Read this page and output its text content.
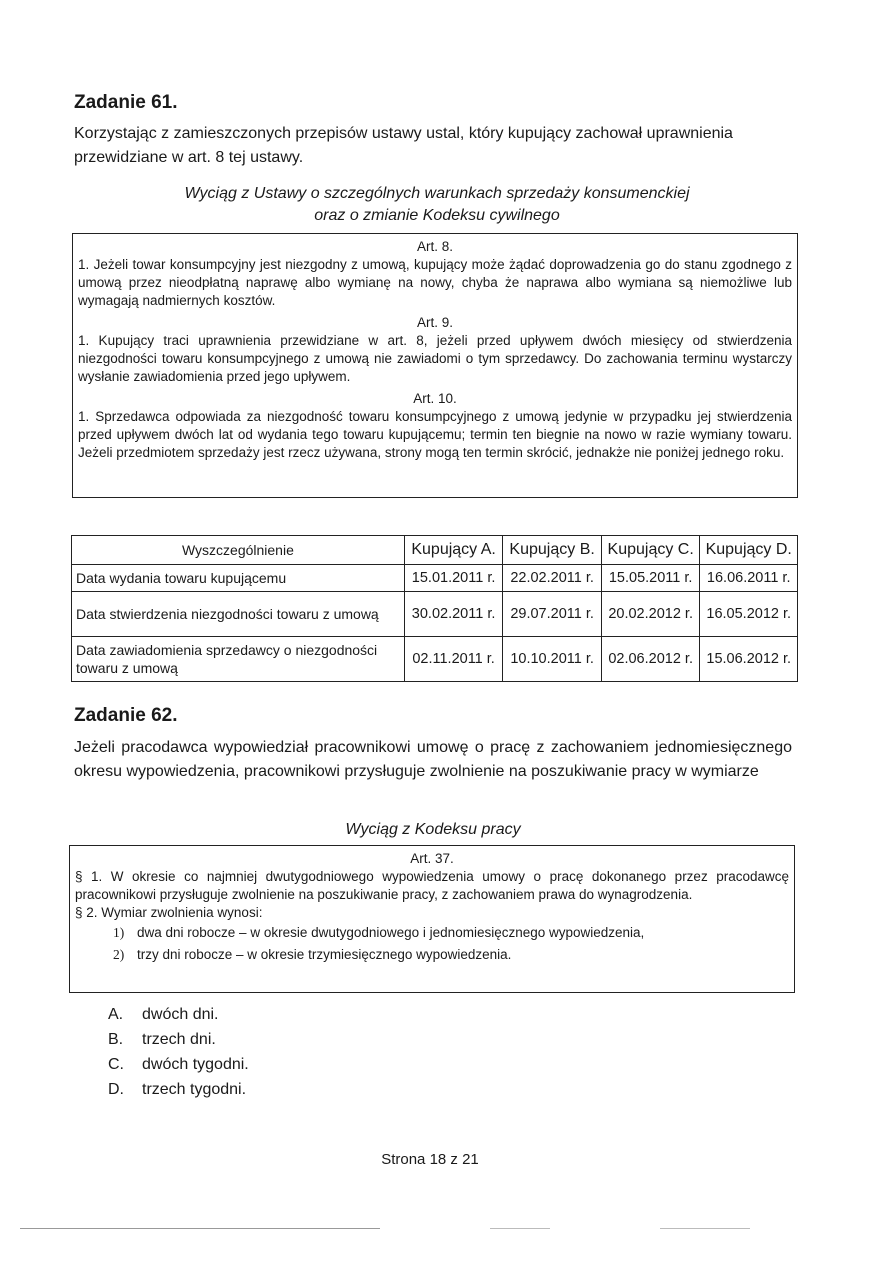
Zadanie 61.
Korzystając z zamieszczonych przepisów ustawy ustal, który kupujący zachował uprawnienia przewidziane w art. 8 tej ustawy.
Wyciąg z Ustawy o szczególnych warunkach sprzedaży konsumenckiej
oraz o zmianie Kodeksu cywilnego
Art. 8.
1. Jeżeli towar konsumpcyjny jest niezgodny z umową, kupujący może żądać doprowadzenia go do stanu zgodnego z umową przez nieodpłatną naprawę albo wymianę na nowy, chyba że naprawa albo wymiana są niemożliwe lub wymagają nadmiernych kosztów.
Art. 9.
1. Kupujący traci uprawnienia przewidziane w art. 8, jeżeli przed upływem dwóch miesięcy od stwierdzenia niezgodności towaru konsumpcyjnego z umową nie zawiadomi o tym sprzedawcy. Do zachowania terminu wystarczy wysłanie zawiadomienia przed jego upływem.
Art. 10.
1. Sprzedawca odpowiada za niezgodność towaru konsumpcyjnego z umową jedynie w przypadku jej stwierdzenia przed upływem dwóch lat od wydania tego towaru kupującemu; termin ten biegnie na nowo w razie wymiany towaru. Jeżeli przedmiotem sprzedaży jest rzecz używana, strony mogą ten termin skrócić, jednakże nie poniżej jednego roku.
Wyszczególnienie	Kupujący A.	Kupujący B.	Kupujący C.	Kupujący D.
Data wydania towaru kupującemu	15.01.2011 r.	22.02.2011 r.	15.05.2011 r.	16.06.2011 r.
Data stwierdzenia niezgodności towaru z umową	30.02.2011 r.	29.07.2011 r.	20.02.2012 r.	16.05.2012 r.
Data zawiadomienia sprzedawcy o niezgodności towaru z umową	02.11.2011 r.	10.10.2011 r.	02.06.2012 r.	15.06.2012 r.
Zadanie 62.
Jeżeli pracodawca wypowiedział pracownikowi umowę o pracę z zachowaniem jednomiesięcznego okresu wypowiedzenia, pracownikowi przysługuje zwolnienie na poszukiwanie pracy w wymiarze
Wyciąg z Kodeksu pracy
Art. 37.
§ 1. W okresie co najmniej dwutygodniowego wypowiedzenia umowy o pracę dokonanego przez pracodawcę pracownikowi przysługuje zwolnienie na poszukiwanie pracy, z zachowaniem prawa do wynagrodzenia.
§ 2. Wymiar zwolnienia wynosi:
1) dwa dni robocze – w okresie dwutygodniowego i jednomiesięcznego wypowiedzenia,
2) trzy dni robocze – w okresie trzymiesięcznego wypowiedzenia.
A. dwóch dni.
B. trzech dni.
C. dwóch tygodni.
D. trzech tygodni.
Strona 18 z 21
